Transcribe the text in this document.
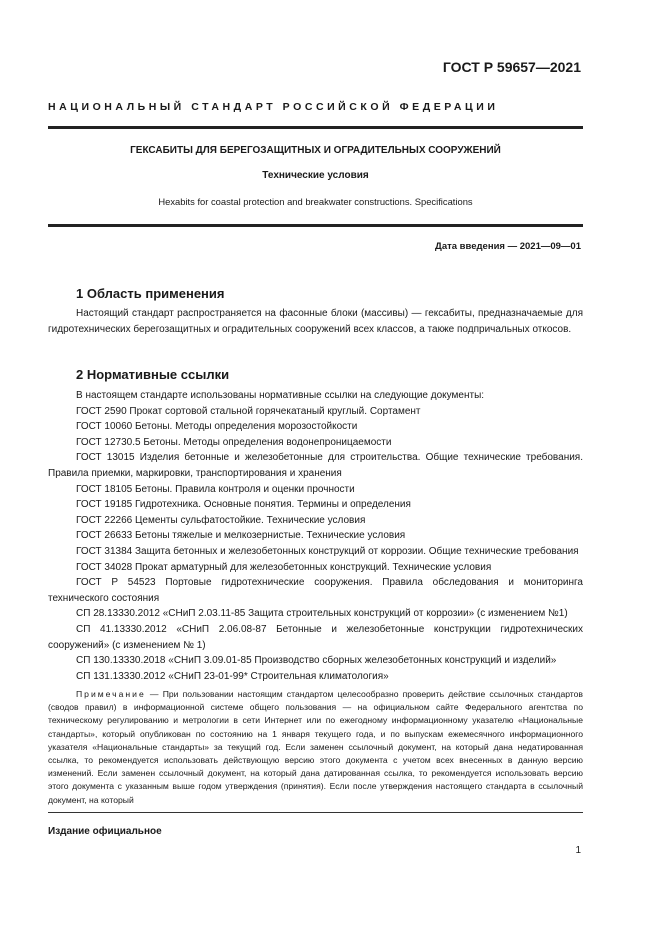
ГОСТ Р 59657—2021
НАЦИОНАЛЬНЫЙ СТАНДАРТ РОССИЙСКОЙ ФЕДЕРАЦИИ
ГЕКСАБИТЫ ДЛЯ БЕРЕГОЗАЩИТНЫХ И ОГРАДИТЕЛЬНЫХ СООРУЖЕНИЙ
Технические условия
Hexabits for coastal protection and breakwater constructions. Specifications
Дата введения — 2021—09—01
1 Область применения

Настоящий стандарт распространяется на фасонные блоки (массивы) — гексабиты, предназначаемые для гидротехнических берегозащитных и оградительных сооружений всех классов, а также подпричальных откосов.

2 Нормативные ссылки

В настоящем стандарте использованы нормативные ссылки на следующие документы:

ГОСТ 2590 Прокат сортовой стальной горячекатаный круглый. Сортамент

ГОСТ 10060 Бетоны. Методы определения морозостойкости

ГОСТ 12730.5 Бетоны. Методы определения водонепроницаемости

ГОСТ 13015 Изделия бетонные и железобетонные для строительства. Общие технические требования. Правила приемки, маркировки, транспортирования и хранения

ГОСТ 18105 Бетоны. Правила контроля и оценки прочности

ГОСТ 19185 Гидротехника. Основные понятия. Термины и определения

ГОСТ 22266 Цементы сульфатостойкие. Технические условия

ГОСТ 26633 Бетоны тяжелые и мелкозернистые. Технические условия

ГОСТ 31384 Защита бетонных и железобетонных конструкций от коррозии. Общие технические требования

ГОСТ 34028 Прокат арматурный для железобетонных конструкций. Технические условия

ГОСТ Р 54523 Портовые гидротехнические сооружения. Правила обследования и мониторинга технического состояния

СП 28.13330.2012 «СНиП 2.03.11-85 Защита строительных конструкций от коррозии» (с изменением №1)

СП 41.13330.2012 «СНиП 2.06.08-87 Бетонные и железобетонные конструкции гидротехнических сооружений» (с изменением № 1)

СП 130.13330.2018 «СНиП 3.09.01-85 Производство сборных железобетонных конструкций и изделий»

СП 131.13330.2012 «СНиП 23-01-99* Строительная климатология»

Примечание — При пользовании настоящим стандартом целесообразно проверить действие ссылочных стандартов (сводов правил) в информационной системе общего пользования — на официальном сайте Федерального агентства по техническому регулированию и метрологии в сети Интернет или по ежегодному информационному указателю «Национальные стандарты», который опубликован по состоянию на 1 января текущего года, и по выпускам ежемесячного информационного указателя «Национальные стандарты» за текущий год. Если заменен ссылочный документ, на который дана недатированная ссылка, то рекомендуется использовать действующую версию этого документа с учетом всех внесенных в данную версию изменений. Если заменен ссылочный документ, на который дана датированная ссылка, то рекомендуется использовать версию этого документа с указанным выше годом утверждения (принятия). Если после утверждения настоящего стандарта в ссылочный документ, на который

Издание официальное
1
